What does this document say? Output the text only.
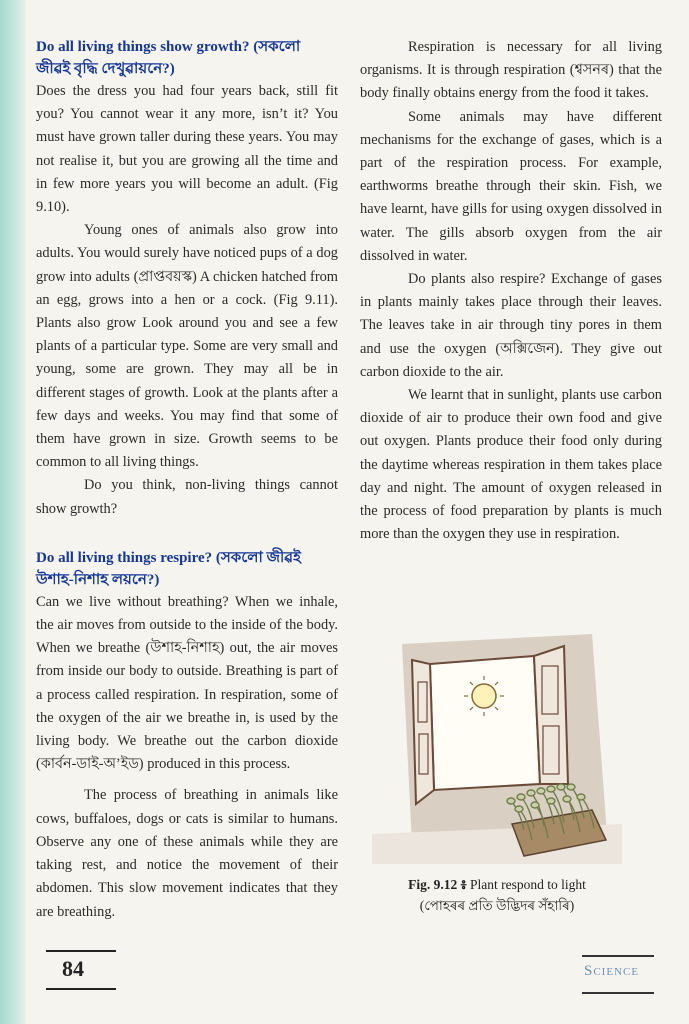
Do all living things show growth? (সকলো জীৱই বৃদ্ধি দেখুৱায়নে?)

Does the dress you had four years back, still fit you? You cannot wear it any more, isn’t it? You must have grown taller during these years. You may not realise it, but you are growing all the time and in few more years you will become an adult. (Fig 9.10).

Young ones of animals also grow into adults. You would surely have noticed pups of a dog grow into adults (প্ৰাপ্তবয়স্ক) A chicken hatched from an egg, grows into a hen or a cock. (Fig 9.11). Plants also grow Look around you and see a few plants of a particular type. Some are very small and young, some are grown. They may all be in different stages of growth. Look at the plants after a few days and weeks. You may find that some of them have grown in size. Growth seems to be common to all living things.

Do you think, non-living things cannot show growth?

Do all living things respire? (সকলো জীৱই উশাহ-নিশাহ লয়নে?)

Can we live without breathing? When we inhale, the air moves from outside to the inside of the body. When we breathe (উশাহ-নিশাহ) out, the air moves from inside our body to outside. Breathing is part of a process called respiration. In respiration, some of the oxygen of the air we breathe in, is used by the living body. We breathe out the carbon dioxide (কাৰ্বন-ডাই-অ’ইড) produced in this process.

The process of breathing in animals like cows, buffaloes, dogs or cats is similar to humans. Observe any one of these animals while they are taking rest, and notice the movement of their abdomen. This slow movement indicates that they are breathing.

Respiration is necessary for all living organisms. It is through respiration (শ্বসনৰ) that the body finally obtains energy from the food it takes.

Some animals may have different mechanisms for the exchange of gases, which is a part of the respiration process. For example, earthworms breathe through their skin. Fish, we have learnt, have gills for using oxygen dissolved in water. The gills absorb oxygen from the air dissolved in water.

Do plants also respire? Exchange of gases in plants mainly takes place through their leaves. The leaves take in air through tiny pores in them and use the oxygen (অক্সিজেন). They give out carbon dioxide to the air.

We learnt that in sunlight, plants use carbon dioxide of air to produce their own food and give out oxygen. Plants produce their food only during the daytime whereas respiration in them takes place day and night. The amount of oxygen released in the process of food preparation by plants is much more than the oxygen they use in respiration.

Fig. 9.12 ៖ Plant respond to light
(পোহৰৰ প্ৰতি উদ্ভিদৰ সঁহাৰি)
84	Science
